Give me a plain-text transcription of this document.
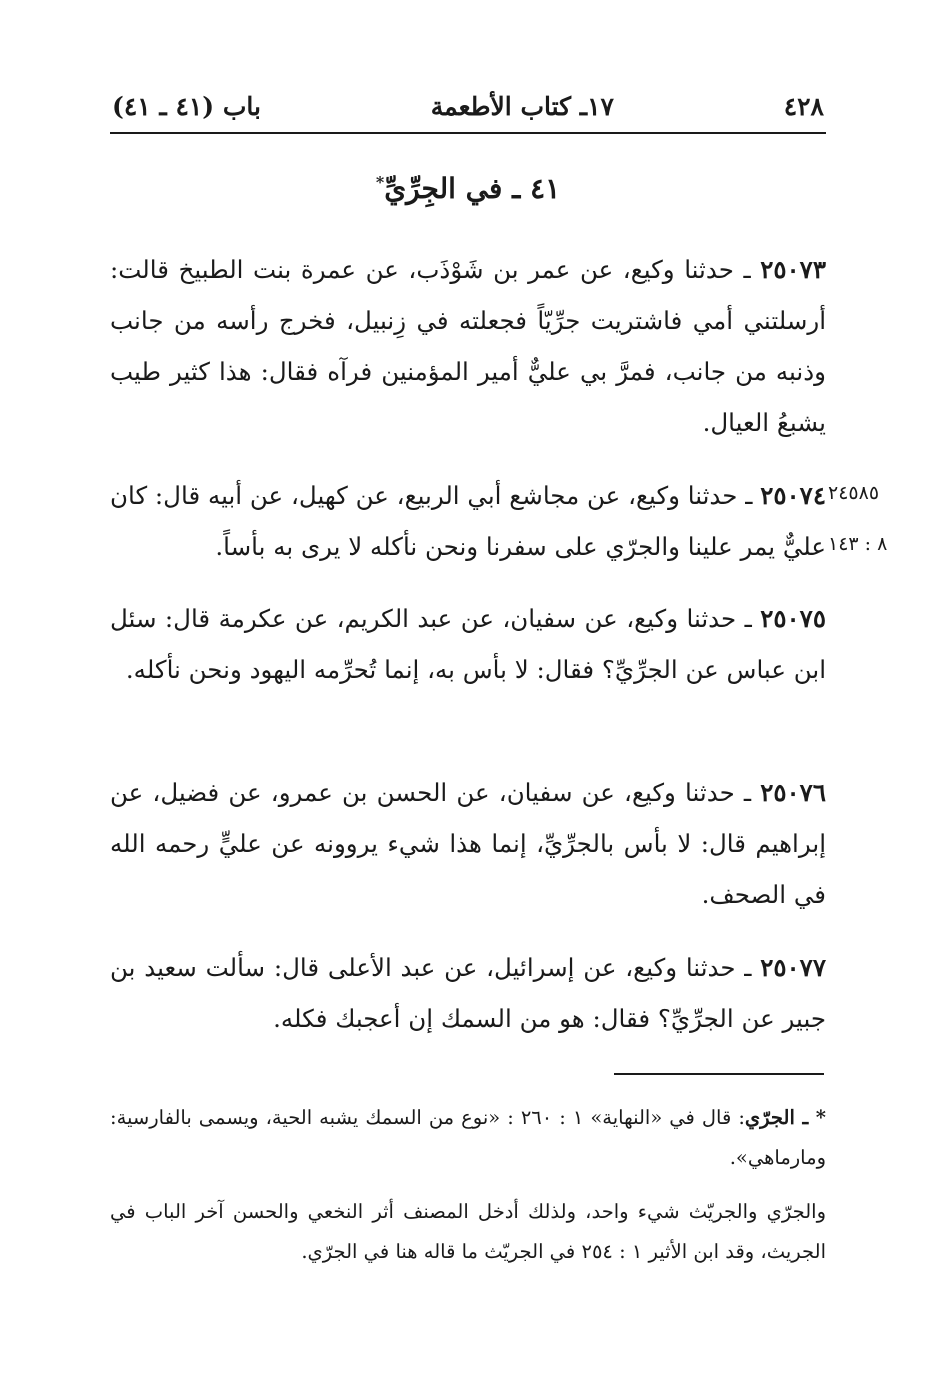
٤٢٨
١٧ـ كتاب الأطعمة
باب (٤١ ـ ٤١)
٤١ ـ في الجِرِّيِّ*
٢٥٠٧٣ ـ حدثنا وكيع، عن عمر بن شَوْذَب، عن عمرة بنت الطبيخ قالت: أرسلتني أمي فاشتريت جرِّيّاً فجعلته في زِنبيل، فخرج رأسه من جانب وذنبه من جانب، فمرَّ بي عليٌّ أمير المؤمنين فرآه فقال: هذا كثير طيب يشبعُ العيال.
٢٥٠٧٤ ـ حدثنا وكيع، عن مجاشع أبي الربيع، عن كهيل، عن أبيه قال: كان عليٌّ يمر علينا والجرّي على سفرنا ونحن نأكله لا يرى به بأساً.
٢٤٥٨٥
٨ : ١٤٣
٢٥٠٧٥ ـ حدثنا وكيع، عن سفيان، عن عبد الكريم، عن عكرمة قال: سئل ابن عباس عن الجرِّيِّ؟ فقال: لا بأس به، إنما تُحرِّمه اليهود ونحن نأكله.
٢٥٠٧٦ ـ حدثنا وكيع، عن سفيان، عن الحسن بن عمرو، عن فضيل، عن إبراهيم قال: لا بأس بالجرِّيِّ، إنما هذا شيء يروونه عن عليٍّ رحمه الله في الصحف.
٢٥٠٧٧ ـ حدثنا وكيع، عن إسرائيل، عن عبد الأعلى قال: سألت سعيد بن جبير عن الجرِّيِّ؟ فقال: هو من السمك إن أعجبك فكله.
* ـ الجرّي: قال في «النهاية» ١ : ٢٦٠ : «نوع من السمك يشبه الحية، ويسمى بالفارسية: ومارماهي».
والجرّي والجريّث شيء واحد، ولذلك أدخل المصنف أثر النخعي والحسن آخر الباب في الجريث، وقد ابن الأثير ١ : ٢٥٤ في الجريّث ما قاله هنا في الجرّي.
